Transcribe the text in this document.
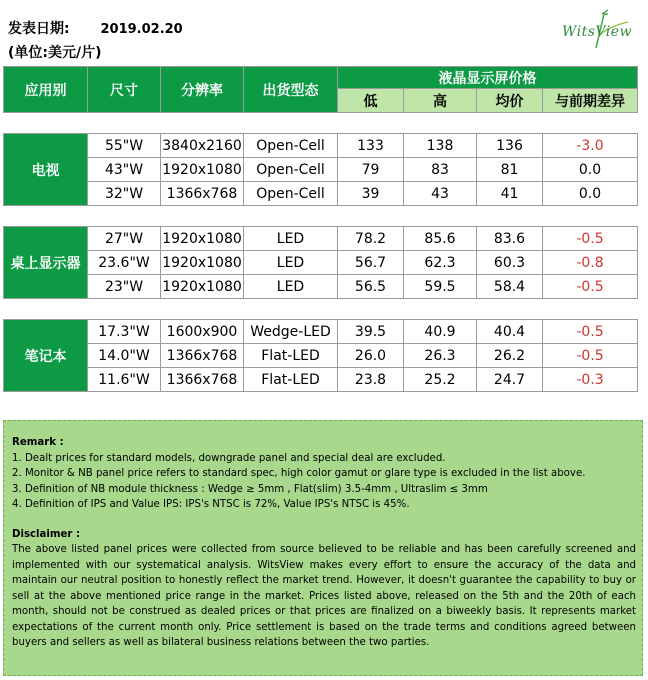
发表日期: 2019.02.20
(单位:美元/片)
WitsView
应用别	尺寸	分辨率	出货型态	液晶显示屏价格			
				低	高	均价	与前期差异

电视	55"W	3840x2160	Open-Cell	133	138	136	-3.0
	43"W	1920x1080	Open-Cell	79	83	81	0.0
	32"W	1366x768	Open-Cell	39	43	41	0.0

桌上显示器	27"W	1920x1080	LED	78.2	85.6	83.6	-0.5
	23.6"W	1920x1080	LED	56.7	62.3	60.3	-0.8
	23"W	1920x1080	LED	56.5	59.5	58.4	-0.5

笔记本	17.3"W	1600x900	Wedge-LED	39.5	40.9	40.4	-0.5
	14.0"W	1366x768	Flat-LED	26.0	26.3	26.2	-0.5
	11.6"W	1366x768	Flat-LED	23.8	25.2	24.7	-0.3

Remark :

1. Dealt prices for standard models, downgrade panel and special deal are excluded.

2. Monitor & NB panel price refers to standard spec, high color gamut or glare type is excluded in the list above.

3. Definition of NB module thickness : Wedge ≥ 5mm , Flat(slim) 3.5-4mm , Ultraslim ≤ 3mm

4. Definition of IPS and Value IPS: IPS's NTSC is 72%, Value IPS's NTSC is 45%.

Disclaimer :

The above listed panel prices were collected from source believed to be reliable and has been carefully screened and implemented with our systematical analysis. WitsView makes every effort to ensure the accuracy of the data and maintain our neutral position to honestly reflect the market trend. However, it doesn't guarantee the capability to buy or sell at the above mentioned price range in the market. Prices listed above, released on the 5th and the 20th of each month, should not be construed as dealed prices or that prices are finalized on a biweekly basis. It represents market expectations of the current month only. Price settlement is based on the trade terms and conditions agreed between buyers and sellers as well as bilateral business relations between the two parties.
